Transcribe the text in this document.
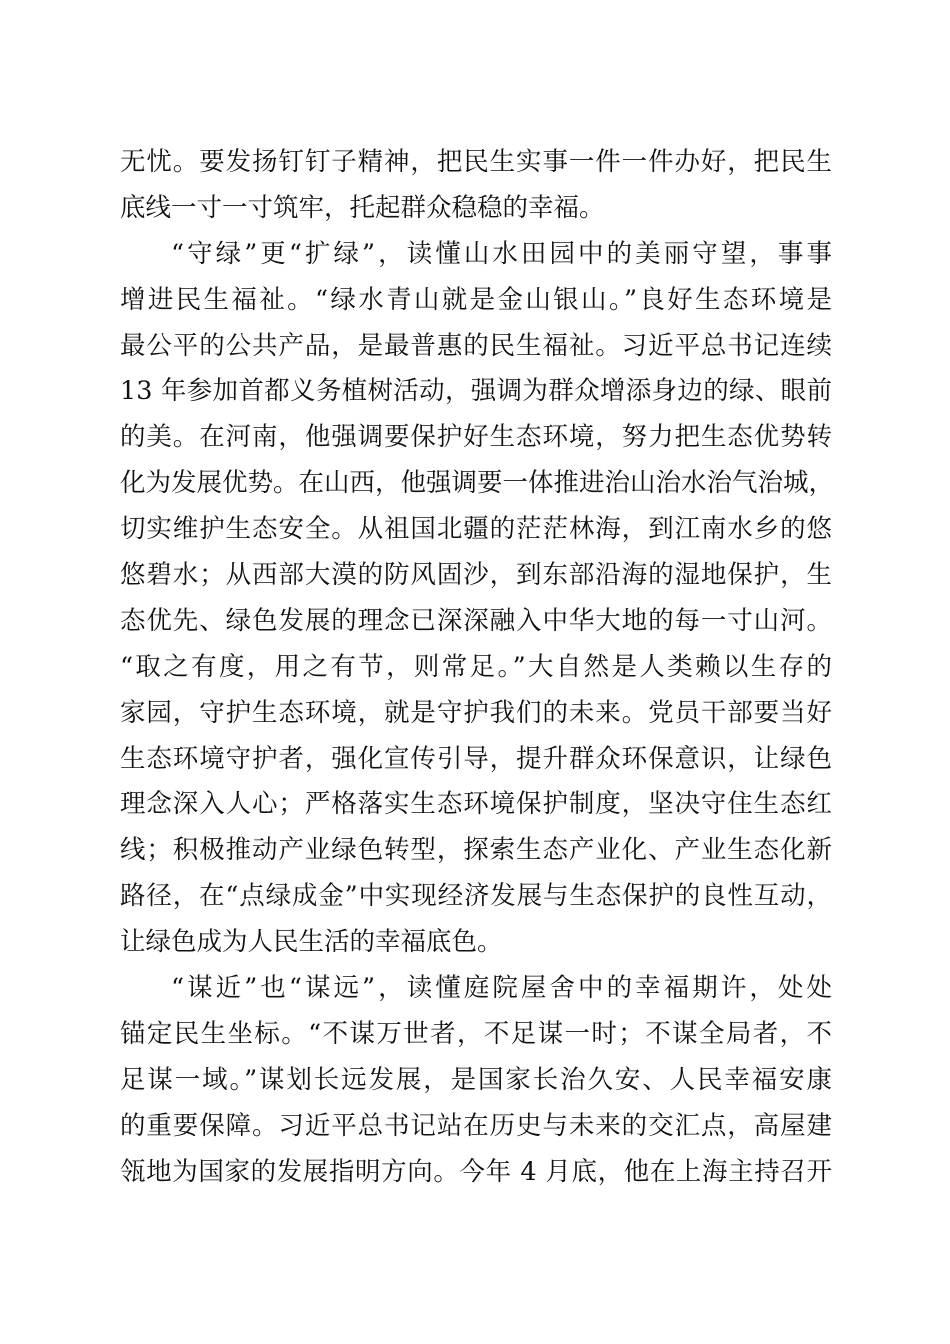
无忧。要发扬钉钉子精神，把民生实事一件一件办好，把民生
底线一寸一寸筑牢，托起群众稳稳的幸福。
“守绿”更“扩绿”，读懂山水田园中的美丽守望，事事
增进民生福祉。“绿水青山就是金山银山。”良好生态环境是
最公平的公共产品，是最普惠的民生福祉。习近平总书记连续
13 年参加首都义务植树活动，强调为群众增添身边的绿、眼前
的美。在河南，他强调要保护好生态环境，努力把生态优势转
化为发展优势。在山西，他强调要一体推进治山治水治气治城，
切实维护生态安全。从祖国北疆的茫茫林海，到江南水乡的悠
悠碧水；从西部大漠的防风固沙，到东部沿海的湿地保护，生
态优先、绿色发展的理念已深深融入中华大地的每一寸山河。
“取之有度，用之有节，则常足。”大自然是人类赖以生存的
家园，守护生态环境，就是守护我们的未来。党员干部要当好
生态环境守护者，强化宣传引导，提升群众环保意识，让绿色
理念深入人心；严格落实生态环境保护制度，坚决守住生态红
线；积极推动产业绿色转型，探索生态产业化、产业生态化新
路径，在“点绿成金”中实现经济发展与生态保护的良性互动，
让绿色成为人民生活的幸福底色。
“谋近”也“谋远”，读懂庭院屋舍中的幸福期许，处处
锚定民生坐标。“不谋万世者，不足谋一时；不谋全局者，不
足谋一域。”谋划长远发展，是国家长治久安、人民幸福安康
的重要保障。习近平总书记站在历史与未来的交汇点，高屋建
瓴地为国家的发展指明方向。今年 4 月底，他在上海主持召开
